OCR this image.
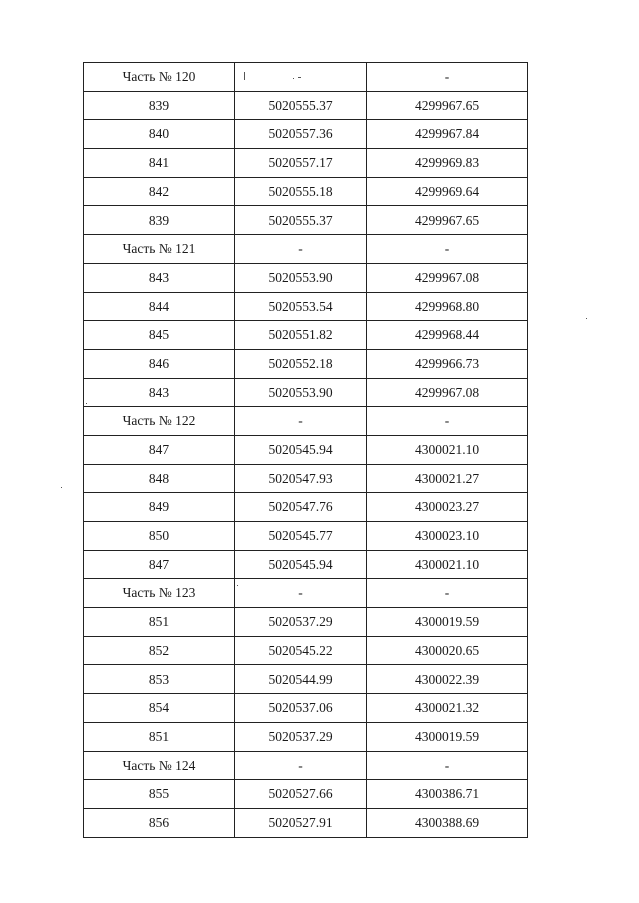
Часть № 120		-
839	5020555.37	4299967.65
840	5020557.36	4299967.84
841	5020557.17	4299969.83
842	5020555.18	4299969.64
839	5020555.37	4299967.65
Часть № 121	-	-
843	5020553.90	4299967.08
844	5020553.54	4299968.80
845	5020551.82	4299968.44
846	5020552.18	4299966.73
843	5020553.90	4299967.08
Часть № 122	-	-
847	5020545.94	4300021.10
848	5020547.93	4300021.27
849	5020547.76	4300023.27
850	5020545.77	4300023.10
847	5020545.94	4300021.10
Часть № 123	-	-
851	5020537.29	4300019.59
852	5020545.22	4300020.65
853	5020544.99	4300022.39
854	5020537.06	4300021.32
851	5020537.29	4300019.59
Часть № 124	-	-
855	5020527.66	4300386.71
856	5020527.91	4300388.69
